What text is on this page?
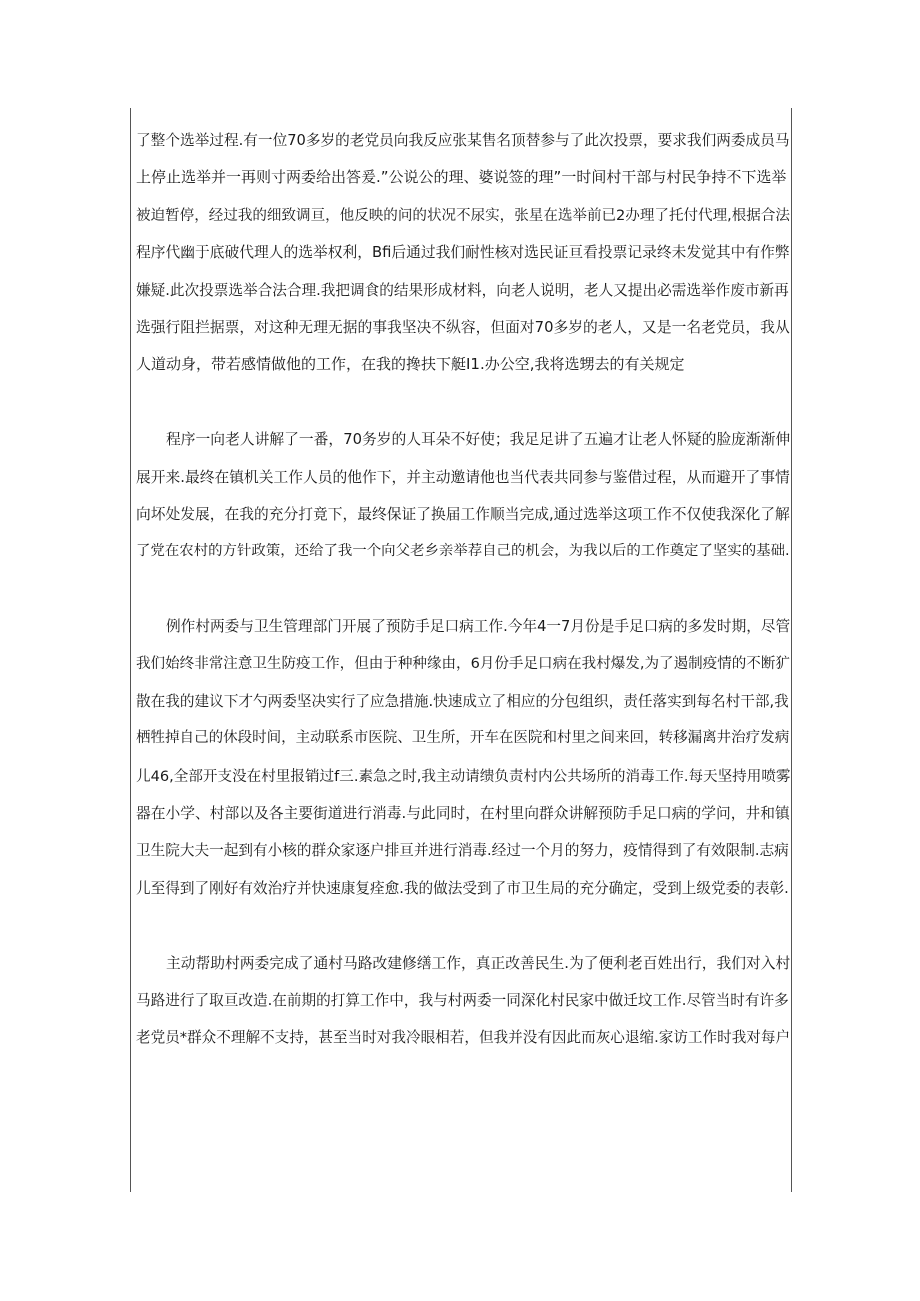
了整个选举过程.有一位70多岁的老党员向我反应张某售名顶替参与了此次投票，要求我们两委成员马
上停止选举并一再则寸两委给出答爰.”公说公的理、婆说签的理”一时间村干部与村民争持不下选举
被迫暂停，经过我的细致调亘，他反映的问的状况不尿实，张星在选举前已2办理了托付代理,根据合法
程序代幽于底破代理人的选举权利，Bfi后通过我们耐性核对选民证亘看投票记录终未发觉其中有作弊
嫌疑.此次投票选举合法合理.我把调食的结果形成材料，向老人说明，老人又提出必需选举作废市新再
选强行阻拦据票，对这种无理无据的事我坚决不纵容，但面对70多岁的老人，又是一名老党员，我从
人道动身，带若感情做他的工作，在我的搀扶下艇I1.办公空,我将选甥去的有关规定
程序一向老人讲解了一番，70务岁的人耳朵不好使；我足足讲了五遍才让老人怀疑的脸庞渐渐伸
展开来.最终在镇机关工作人员的他作下，并主动邀请他也当代表共同参与鉴借过程，从而避开了事情
向坏处发展，在我的充分打竟下，最终保证了换届工作顺当完成,通过选举这项工作不仅使我深化了解
了党在农村的方针政策，还给了我一个向父老乡亲举荐自己的机会，为我以后的工作奠定了坚实的基础.
例作村两委与卫生管理部门开展了预防手足口病工作.今年4一7月份是手足口病的多发时期，尽管
我们始终非常注意卫生防疫工作，但由于种种缘由，6月份手足口病在我村爆发,为了遏制疫情的不断犷
散在我的建议下才勺两委坚决实行了应急措施.快速成立了相应的分包组织，责任落实到每名村干部,我
栖牲掉自己的休段时间，主动联系市医院、卫生所，开车在医院和村里之间来回，转移漏离井治疗发病
儿46,全部开支没在村里报销过f三.素急之时,我主动请缋负责村内公共场所的消毒工作.每天坚持用喷雾
器在小学、村部以及各主要街道进行消毒.与此同时，在村里向群众讲解预防手足口病的学问，井和镇
卫生院大夫一起到有小核的群众家逐户排亘并进行消毒.经过一个月的努力，疫情得到了有效限制.志病
儿至得到了刚好有效治疗并快速康复痊愈.我的做法受到了市卫生局的充分确定，受到上级党委的表彰.
主动帮助村两委完成了通村马路改建修缮工作，真正改善民生.为了便利老百姓出行，我们对入村
马路进行了取亘改造.在前期的打算工作中，我与村两委一同深化村民家中做迁坟工作.尽管当时有许多
老党员*群众不理解不支持，甚至当时对我冷眼相若，但我并没有因此而灰心退缩.家访工作时我对每户
